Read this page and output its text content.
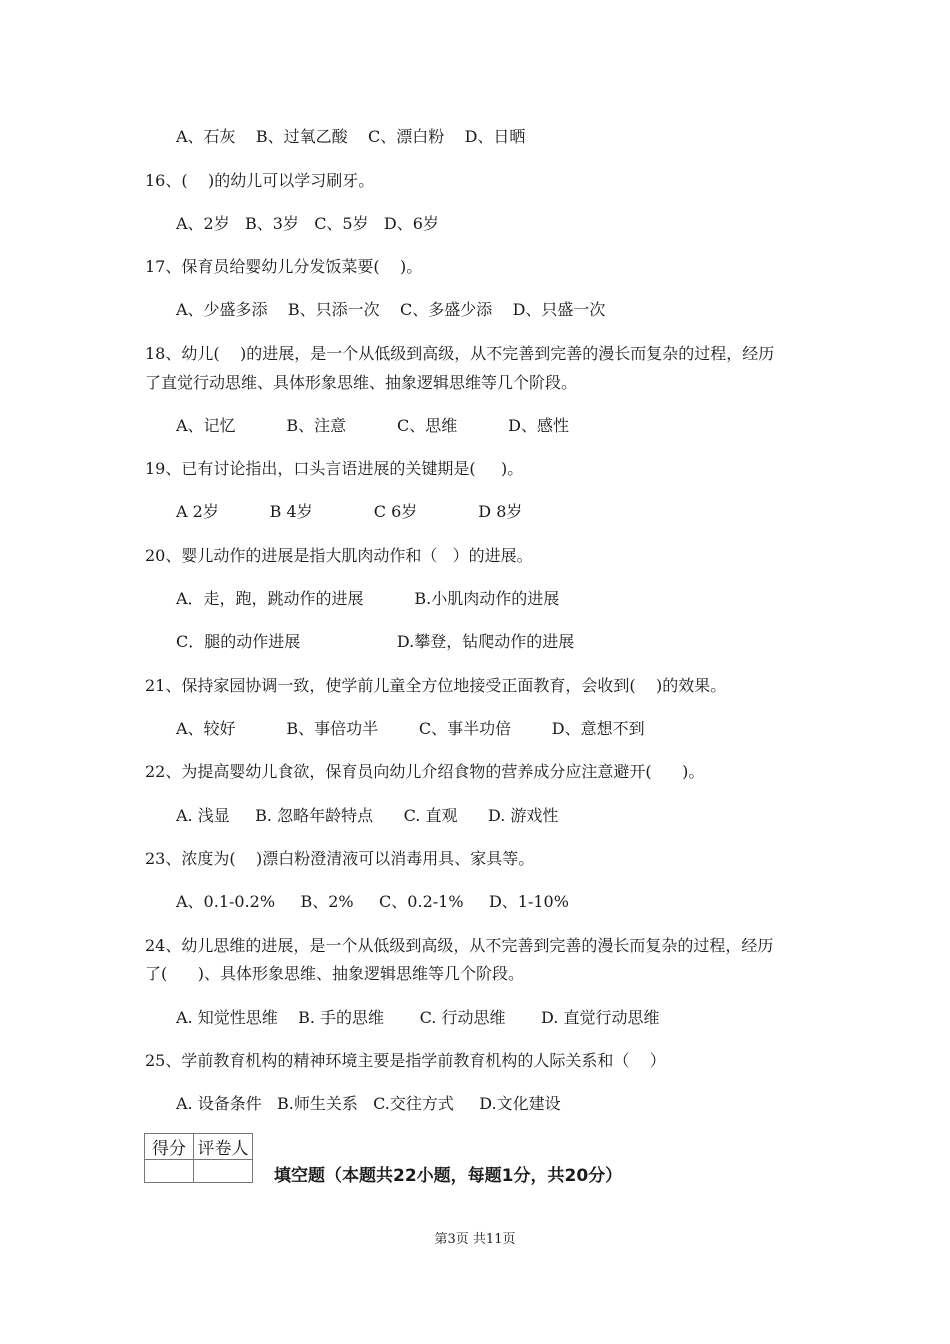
A、石灰    B、过氧乙酸    C、漂白粉    D、日晒
16、(    )的幼儿可以学习刷牙。
A、2岁   B、3岁   C、5岁   D、6岁
17、保育员给婴幼儿分发饭菜要(    )。
A、少盛多添    B、只添一次    C、多盛少添    D、只盛一次
18、幼儿(    )的进展，是一个从低级到高级，从不完善到完善的漫长而复杂的过程，经历
了直觉行动思维、具体形象思维、抽象逻辑思维等几个阶段。
A、记忆          B、注意          C、思维          D、感性
19、已有讨论指出，口头言语进展的关键期是(     )。
A 2岁          B 4岁            C 6岁            D 8岁
20、婴儿动作的进展是指大肌肉动作和（   ）的进展。
A．走，跑，跳动作的进展          B.小肌肉动作的进展
C．腿的动作进展                   D.攀登，钻爬动作的进展
21、保持家园协调一致，使学前儿童全方位地接受正面教育，会收到(    )的效果。
A、较好          B、事倍功半        C、事半功倍        D、意想不到
22、为提高婴幼儿食欲，保育员向幼儿介绍食物的营养成分应注意避开(      )。
A. 浅显     B. 忽略年龄特点      C. 直观      D. 游戏性
23、浓度为(    )漂白粉澄清液可以消毒用具、家具等。
A、0.1-0.2%     B、2%     C、0.2-1%     D、1-10%
24、幼儿思维的进展，是一个从低级到高级，从不完善到完善的漫长而复杂的过程，经历
了(      )、具体形象思维、抽象逻辑思维等几个阶段。
A. 知觉性思维    B. 手的思维       C. 行动思维       D. 直觉行动思维
25、学前教育机构的精神环境主要是指学前教育机构的人际关系和（    ）
A. 设备条件   B.师生关系   C.交往方式     D.文化建设
得分	评卷人

填空题（本题共22小题，每题1分，共20分）
第3页 共11页
